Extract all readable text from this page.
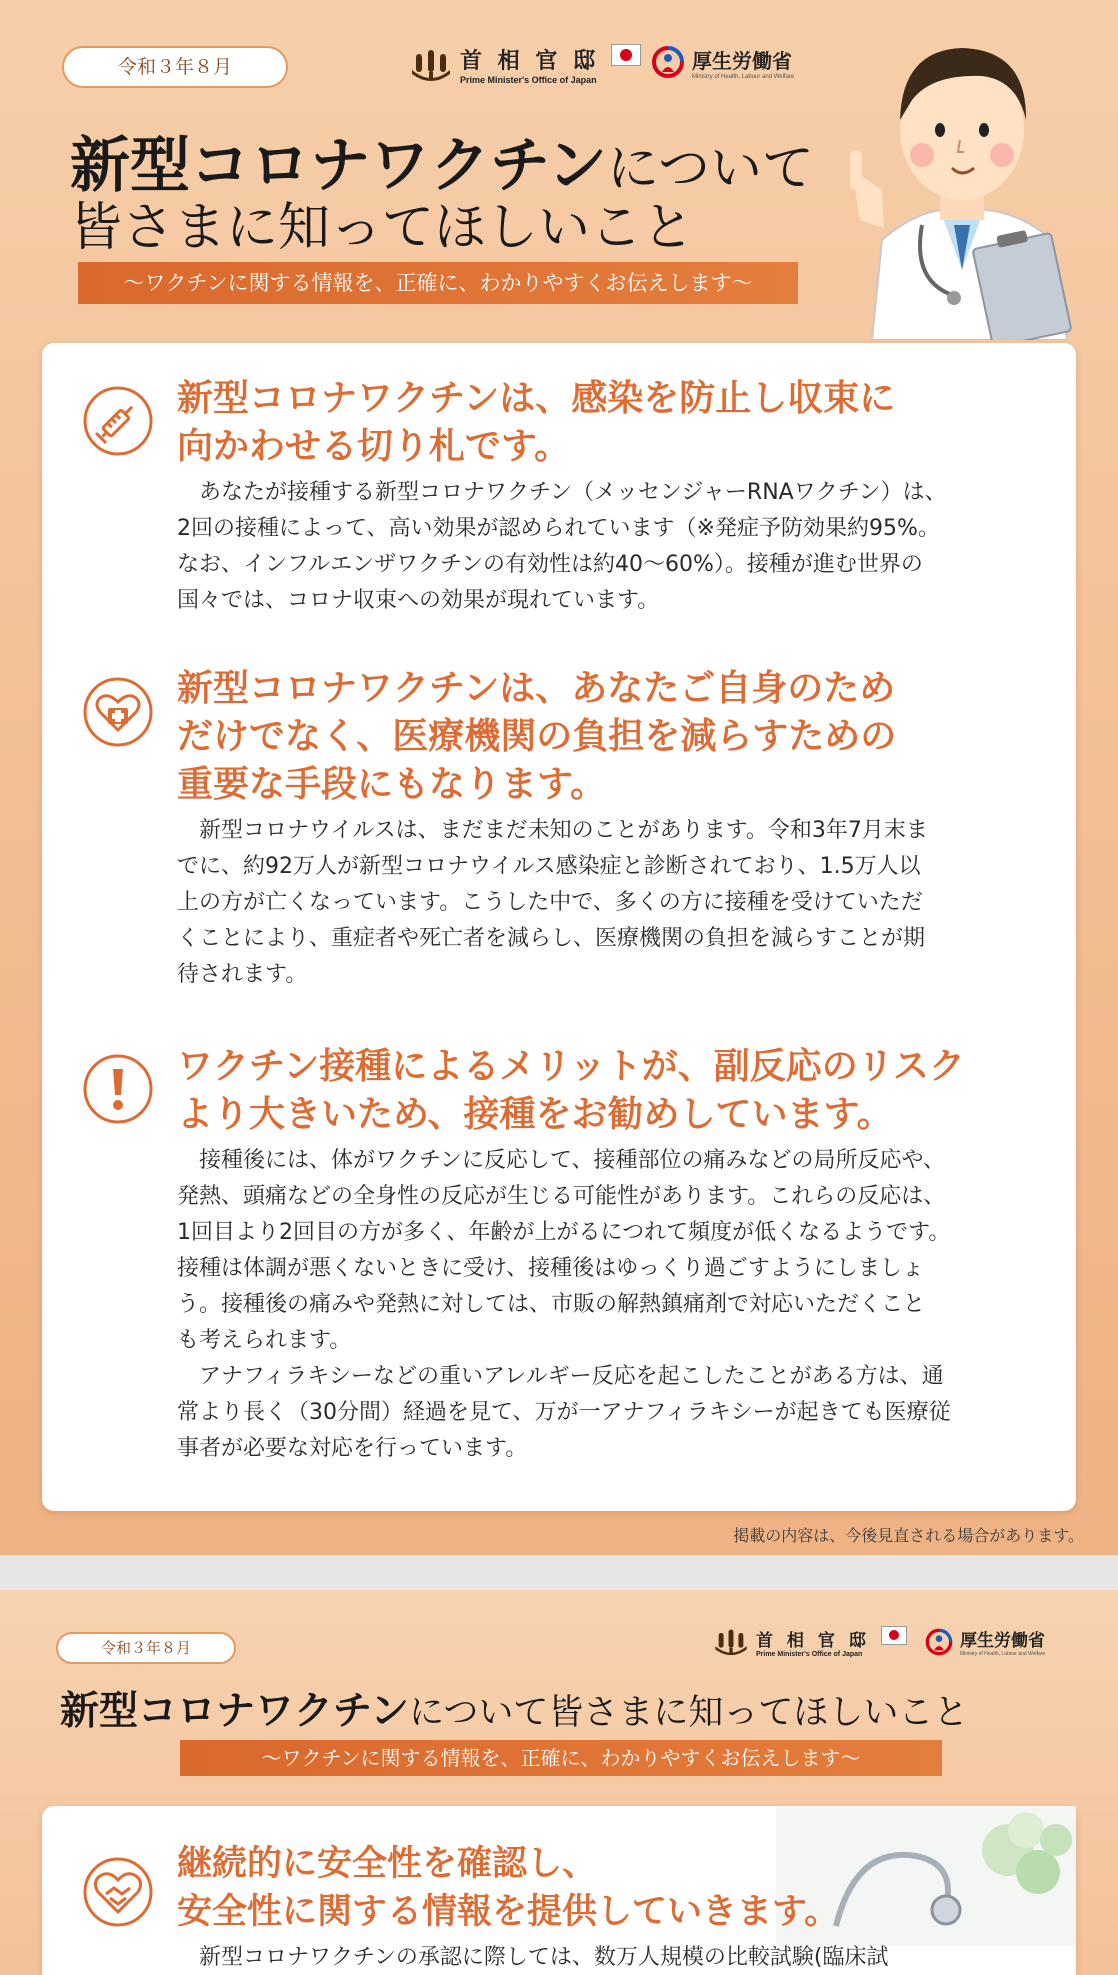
令和３年８月	首 相 官 邸
Prime Minister's Office of Japan
厚生労働省
Ministry of Health, Labour and Welfare
新型コロナワクチンについて
皆さまに知ってほしいこと
～ワクチンに関する情報を、正確に、わかりやすくお伝えします～
新型コロナワクチンは、感染を防止し収束に
向かわせる切り札です。
　あなたが接種する新型コロナワクチン（メッセンジャーRNAワクチン）は、
2回の接種によって、高い効果が認められています（※発症予防効果約95%。
なお、インフルエンザワクチンの有効性は約40～60%）。接種が進む世界の
国々では、コロナ収束への効果が現れています。
新型コロナワクチンは、あなたご自身のため
だけでなく、医療機関の負担を減らすための
重要な手段にもなります。
　新型コロナウイルスは、まだまだ未知のことがあります。令和3年7月末ま
でに、約92万人が新型コロナウイルス感染症と診断されており、1.5万人以
上の方が亡くなっています。こうした中で、多くの方に接種を受けていただ
くことにより、重症者や死亡者を減らし、医療機関の負担を減らすことが期
待されます。
ワクチン接種によるメリットが、副反応のリスク
より大きいため、接種をお勧めしています。
　接種後には、体がワクチンに反応して、接種部位の痛みなどの局所反応や、
発熱、頭痛などの全身性の反応が生じる可能性があります。これらの反応は、
1回目より2回目の方が多く、年齢が上がるにつれて頻度が低くなるようです。
接種は体調が悪くないときに受け、接種後はゆっくり過ごすようにしましょ
う。接種後の痛みや発熱に対しては、市販の解熱鎮痛剤で対応いただくこと
も考えられます。
　アナフィラキシーなどの重いアレルギー反応を起こしたことがある方は、通
常より長く（30分間）経過を見て、万が一アナフィラキシーが起きても医療従
事者が必要な対応を行っています。
掲載の内容は、今後見直される場合があります。
令和３年８月	首 相 官 邸
Prime Minister's Office of Japan
厚生労働省
Ministry of Health, Labour and Welfare
新型コロナワクチンについて皆さまに知ってほしいこと
～ワクチンに関する情報を、正確に、わかりやすくお伝えします～
継続的に安全性を確認し、
安全性に関する情報を提供していきます。
　新型コロナワクチンの承認に際しては、数万人規模の比較試験(臨床試
